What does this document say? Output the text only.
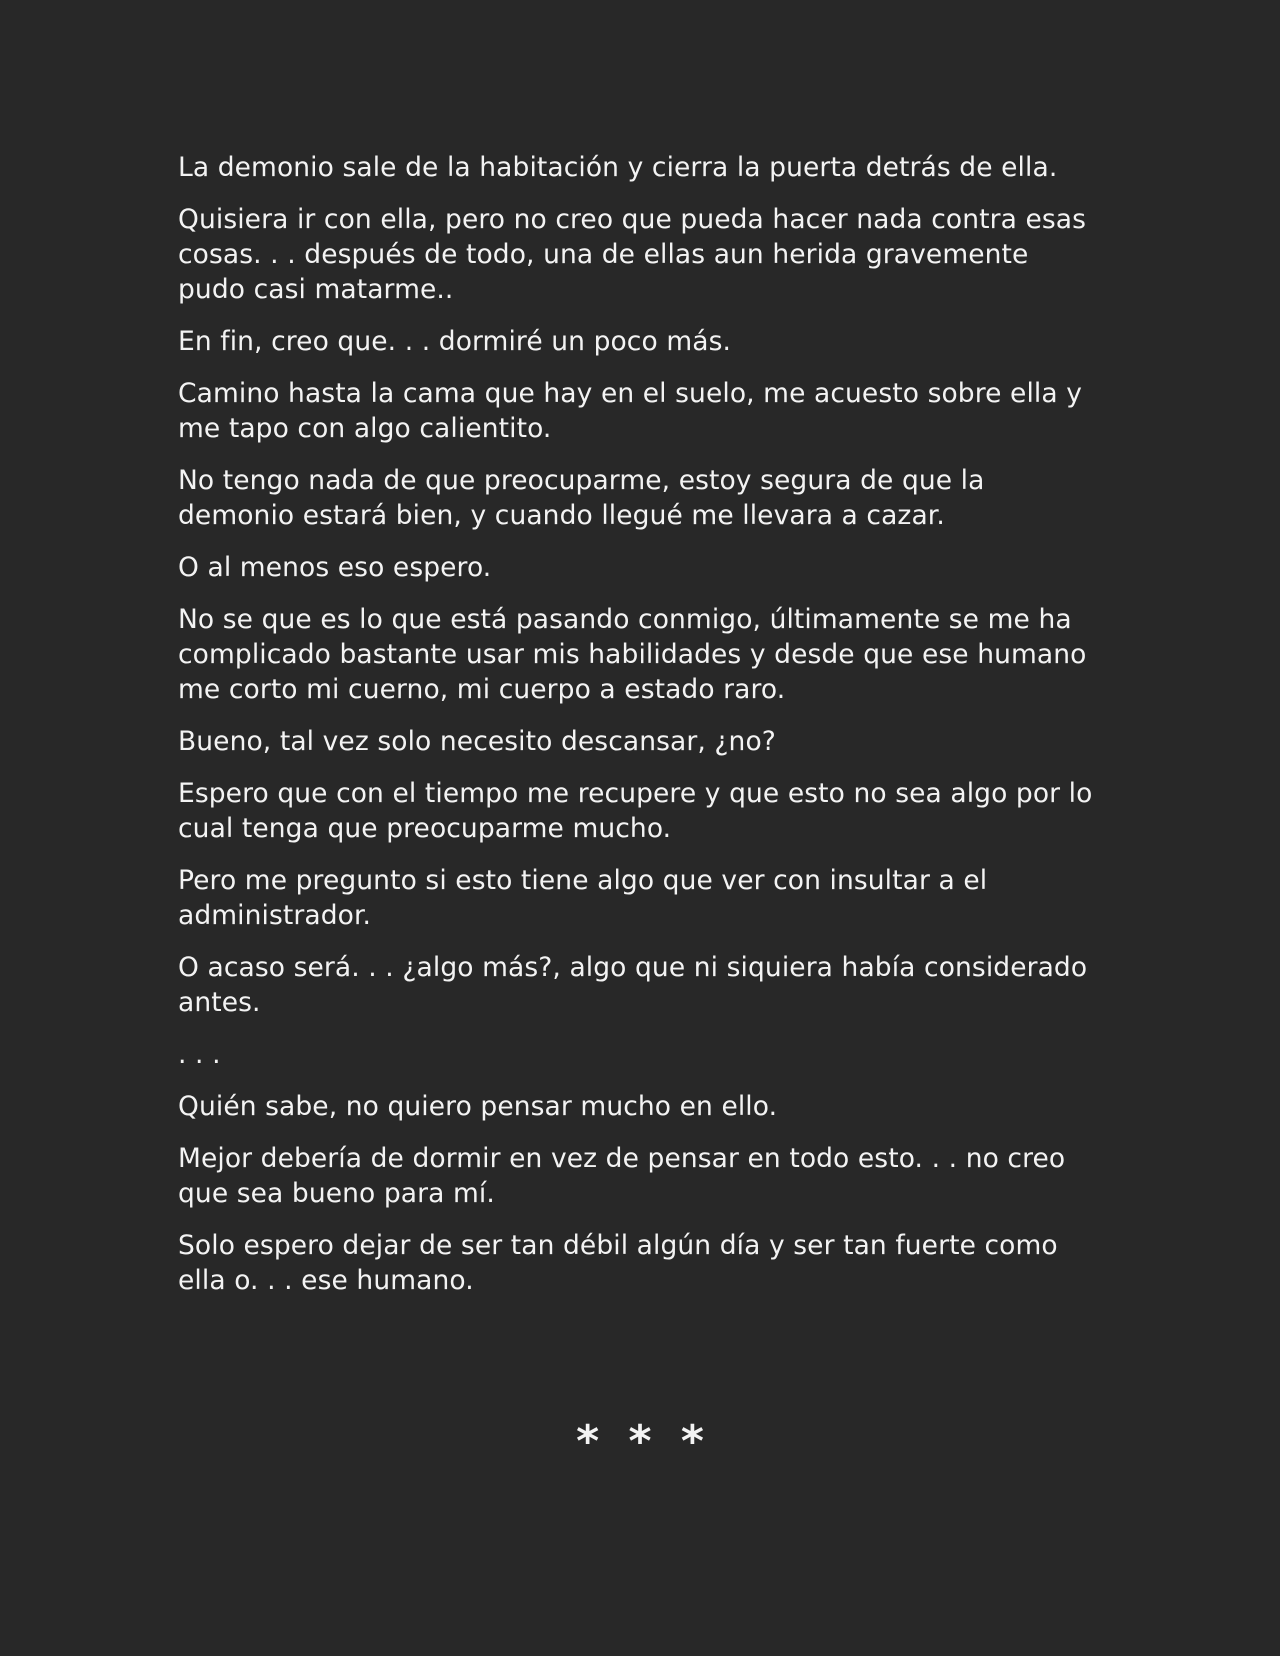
La demonio sale de la habitación y cierra la puerta detrás de ella.

Quisiera ir con ella, pero no creo que pueda hacer nada contra esas cosas. . . después de todo, una de ellas aun herida gravemente pudo casi matarme..

En fin, creo que. . . dormiré un poco más.

Camino hasta la cama que hay en el suelo, me acuesto sobre ella y me tapo con algo calientito.

No tengo nada de que preocuparme, estoy segura de que la demonio estará bien, y cuando llegué me llevara a cazar.

O al menos eso espero.

No se que es lo que está pasando conmigo, últimamente se me ha complicado bastante usar mis habilidades y desde que ese humano me corto mi cuerno, mi cuerpo a estado raro.

Bueno, tal vez solo necesito descansar, ¿no?

Espero que con el tiempo me recupere y que esto no sea algo por lo cual tenga que preocuparme mucho.

Pero me pregunto si esto tiene algo que ver con insultar a el administrador.

O acaso será. . . ¿algo más?, algo que ni siquiera había considerado antes.

. . .

Quién sabe, no quiero pensar mucho en ello.

Mejor debería de dormir en vez de pensar en todo esto. . . no creo que sea bueno para mí.

Solo espero dejar de ser tan débil algún día y ser tan fuerte como ella o. . . ese humano.

* * *
